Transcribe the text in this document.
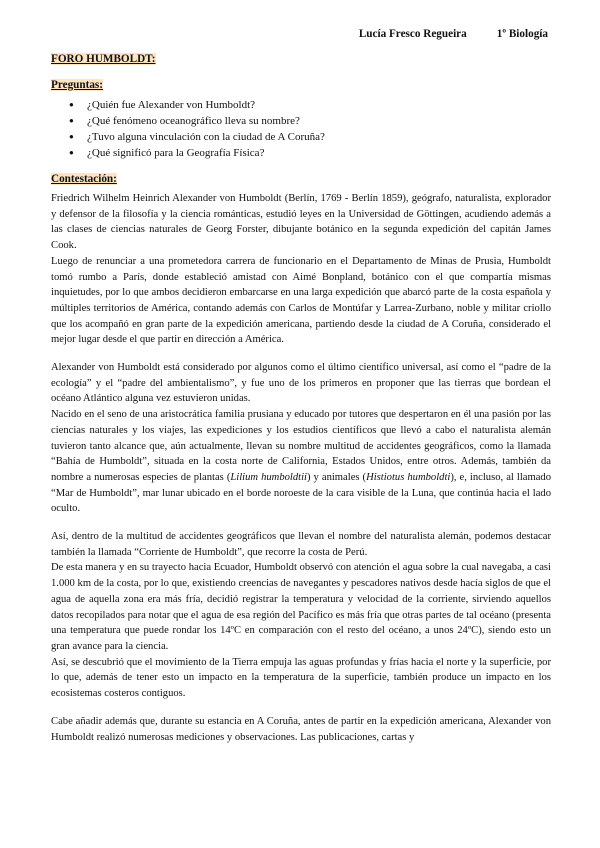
Lucía Fresco Regueira	1º Biología
FORO HUMBOLDT:
Preguntas:
● ¿Quién fue Alexander von Humboldt?
● ¿Qué fenómeno oceanográfico lleva su nombre?
● ¿Tuvo alguna vinculación con la ciudad de A Coruña?
● ¿Qué significó para la Geografía Física?
Contestación:

Friedrich Wilhelm Heinrich Alexander von Humboldt (Berlín, 1769 - Berlín 1859), geógrafo, naturalista, explorador y defensor de la filosofía y la ciencia románticas, estudió leyes en la Universidad de Göttingen, acudiendo además a las clases de ciencias naturales de Georg Forster, dibujante botánico en la segunda expedición del capitán James Cook.

Luego de renunciar a una prometedora carrera de funcionario en el Departamento de Minas de Prusia, Humboldt tomó rumbo a París, donde estableció amistad con Aimé Bonpland, botánico con el que compartía mismas inquietudes, por lo que ambos decidieron embarcarse en una larga expedición que abarcó parte de la costa española y múltiples territorios de América, contando además con Carlos de Montúfar y Larrea-Zurbano, noble y militar criollo que los acompañó en gran parte de la expedición americana, partiendo desde la ciudad de A Coruña, considerado el mejor lugar desde el que partir en dirección a América.

Alexander von Humboldt está considerado por algunos como el último científico universal, así como el “padre de la ecología” y el “padre del ambientalismo”, y fue uno de los primeros en proponer que las tierras que bordean el océano Atlántico alguna vez estuvieron unidas.

Nacido en el seno de una aristocrática familia prusiana y educado por tutores que despertaron en él una pasión por las ciencias naturales y los viajes, las expediciones y los estudios científicos que llevó a cabo el naturalista alemán tuvieron tanto alcance que, aún actualmente, llevan su nombre multitud de accidentes geográficos, como la llamada “Bahía de Humboldt”, situada en la costa norte de California, Estados Unidos, entre otros. Además, también da nombre a numerosas especies de plantas (Lilium humboldtii) y animales (Histiotus humboldti), e, incluso, al llamado “Mar de Humboldt”, mar lunar ubicado en el borde noroeste de la cara visible de la Luna, que continúa hacia el lado oculto.

Así, dentro de la multitud de accidentes geográficos que llevan el nombre del naturalista alemán, podemos destacar también la llamada “Corriente de Humboldt”, que recorre la costa de Perú.

De esta manera y en su trayecto hacia Ecuador, Humboldt observó con atención el agua sobre la cual navegaba, a casi 1.000 km de la costa, por lo que, existiendo creencias de navegantes y pescadores nativos desde hacía siglos de que el agua de aquella zona era más fría, decidió registrar la temperatura y velocidad de la corriente, sirviendo aquellos datos recopilados para notar que el agua de esa región del Pacífico es más fría que otras partes de tal océano (presenta una temperatura que puede rondar los 14ºC en comparación con el resto del océano, a unos 24ºC), siendo esto un gran avance para la ciencia.

Así, se descubrió que el movimiento de la Tierra empuja las aguas profundas y frías hacia el norte y la superficie, por lo que, además de tener esto un impacto en la temperatura de la superficie, también produce un impacto en los ecosistemas costeros contiguos.

Cabe añadir además que, durante su estancia en A Coruña, antes de partir en la expedición americana, Alexander von Humboldt realizó numerosas mediciones y observaciones. Las publicaciones, cartas y
